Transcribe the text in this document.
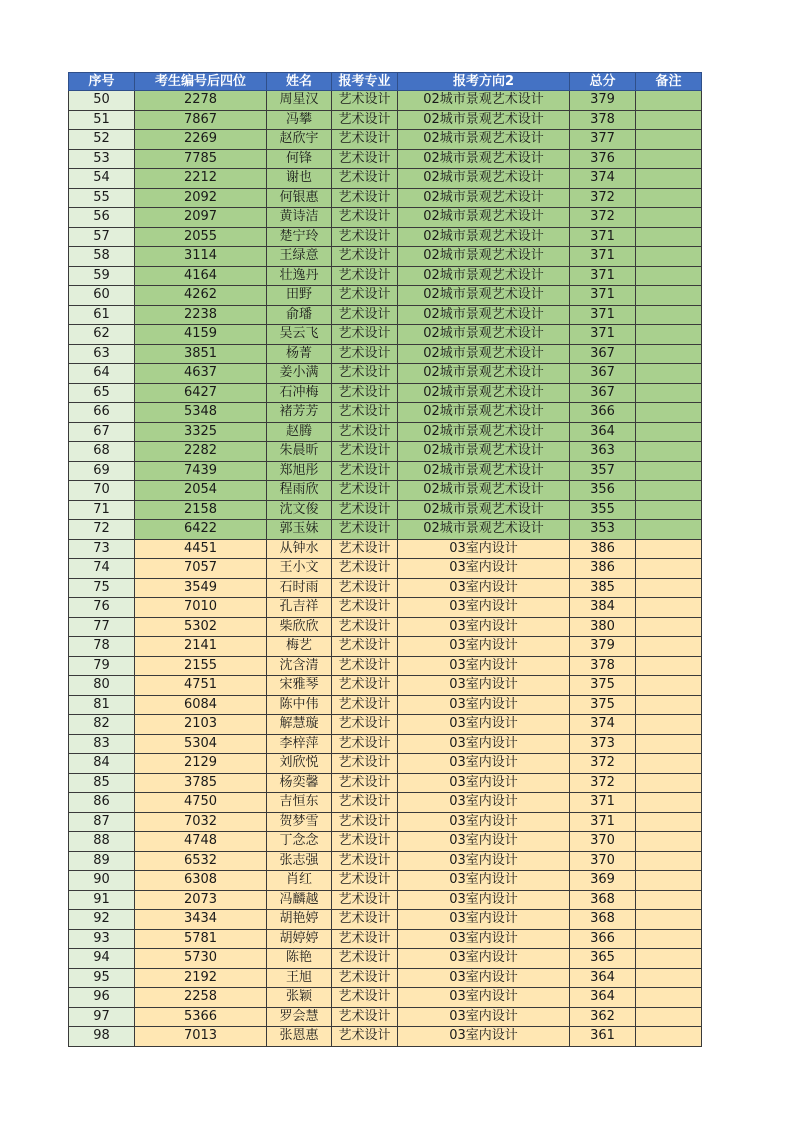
序号	考生编号后四位	姓名	报考专业	报考方向2	总分	备注
50	2278	周星汉	艺术设计	02城市景观艺术设计	379	
51	7867	冯攀	艺术设计	02城市景观艺术设计	378	
52	2269	赵欣宇	艺术设计	02城市景观艺术设计	377	
53	7785	何锋	艺术设计	02城市景观艺术设计	376	
54	2212	谢也	艺术设计	02城市景观艺术设计	374	
55	2092	何银惠	艺术设计	02城市景观艺术设计	372	
56	2097	黄诗洁	艺术设计	02城市景观艺术设计	372	
57	2055	楚宁玲	艺术设计	02城市景观艺术设计	371	
58	3114	王绿意	艺术设计	02城市景观艺术设计	371	
59	4164	壮逸丹	艺术设计	02城市景观艺术设计	371	
60	4262	田野	艺术设计	02城市景观艺术设计	371	
61	2238	俞璠	艺术设计	02城市景观艺术设计	371	
62	4159	吴云飞	艺术设计	02城市景观艺术设计	371	
63	3851	杨菁	艺术设计	02城市景观艺术设计	367	
64	4637	姜小满	艺术设计	02城市景观艺术设计	367	
65	6427	石冲梅	艺术设计	02城市景观艺术设计	367	
66	5348	褚芳芳	艺术设计	02城市景观艺术设计	366	
67	3325	赵腾	艺术设计	02城市景观艺术设计	364	
68	2282	朱晨昕	艺术设计	02城市景观艺术设计	363	
69	7439	郑旭彤	艺术设计	02城市景观艺术设计	357	
70	2054	程雨欣	艺术设计	02城市景观艺术设计	356	
71	2158	沈文俊	艺术设计	02城市景观艺术设计	355	
72	6422	郭玉妹	艺术设计	02城市景观艺术设计	353	
73	4451	从钟水	艺术设计	03室内设计	386	
74	7057	王小文	艺术设计	03室内设计	386	
75	3549	石时雨	艺术设计	03室内设计	385	
76	7010	孔吉祥	艺术设计	03室内设计	384	
77	5302	柴欣欣	艺术设计	03室内设计	380	
78	2141	梅艺	艺术设计	03室内设计	379	
79	2155	沈含清	艺术设计	03室内设计	378	
80	4751	宋雅琴	艺术设计	03室内设计	375	
81	6084	陈中伟	艺术设计	03室内设计	375	
82	2103	解慧璇	艺术设计	03室内设计	374	
83	5304	李梓萍	艺术设计	03室内设计	373	
84	2129	刘欣悦	艺术设计	03室内设计	372	
85	3785	杨奕馨	艺术设计	03室内设计	372	
86	4750	吉恒东	艺术设计	03室内设计	371	
87	7032	贺梦雪	艺术设计	03室内设计	371	
88	4748	丁念念	艺术设计	03室内设计	370	
89	6532	张志强	艺术设计	03室内设计	370	
90	6308	肖红	艺术设计	03室内设计	369	
91	2073	冯麟越	艺术设计	03室内设计	368	
92	3434	胡艳婷	艺术设计	03室内设计	368	
93	5781	胡婷婷	艺术设计	03室内设计	366	
94	5730	陈艳	艺术设计	03室内设计	365	
95	2192	王旭	艺术设计	03室内设计	364	
96	2258	张颖	艺术设计	03室内设计	364	
97	5366	罗会慧	艺术设计	03室内设计	362	
98	7013	张恩惠	艺术设计	03室内设计	361	
